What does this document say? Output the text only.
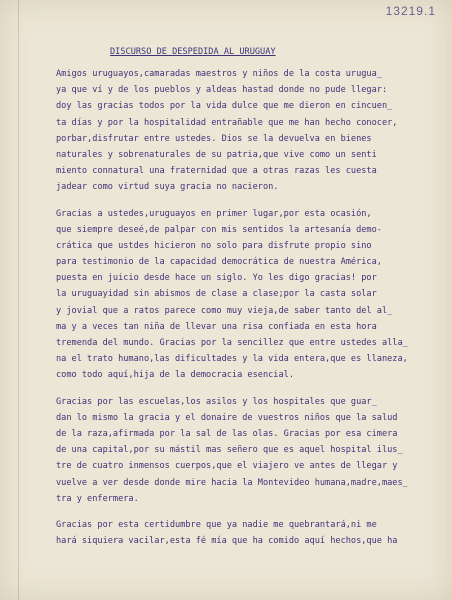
13219.1
DISCURSO DE DESPEDIDA AL URUGUAY
Amigos uruguayos,camaradas maestros y niños de la costa urugua_
ya que ví y de los pueblos y aldeas hastad donde no pude llegar:
doy las gracias todos por la vida dulce que me dieron en cincuen_
ta días y por la hospitalidad entrañable que me han hecho conocer,
porbar,disfrutar entre ustedes. Dios se la devuelva en bienes
naturales y sobrenaturales de su patria,que vive como un senti
miento connatural una fraternidad que a otras razas les cuesta
jadear como virtud suya gracia no nacieron.
Gracias a ustedes,uruguayos en primer lugar,por esta ocasión,
que siempre deseé,de palpar con mis sentidos la artesanía demo-
crática que ustdes hicieron no solo para disfrute propio sino
para testimonio de la capacidad democrática de nuestra América,
puesta en juicio desde hace un siglo. Yo les digo gracias! por
la uruguayidad sin abismos de clase a clase;por la casta solar
y jovial que a ratos parece como muy vieja,de saber tanto del al_
ma y a veces tan niña de llevar una risa confiada en esta hora
tremenda del mundo. Gracias por la sencillez que entre ustedes alla_
na el trato humano,las dificultades y la vida entera,que es llaneza,
como todo aquí,hija de la democracia esencial.
Gracias por las escuelas,los asilos y los hospitales que guar_
dan lo mismo la gracia y el donaire de vuestros niños que la salud
de la raza,afirmada por la sal de las olas. Gracias por esa cimera
de una capital,por su mástil mas señero que es aquel hospital ilus_
tre de cuatro inmensos cuerpos,que el viajero ve antes de llegar y
vuelve a ver desde donde mire hacia la Montevideo humana,madre,maes_
tra y enfermera.
Gracias por esta certidumbre que ya nadie me quebrantará,ni me
hará siquiera vacilar,esta fé mía que ha comido aquí hechos,que ha
